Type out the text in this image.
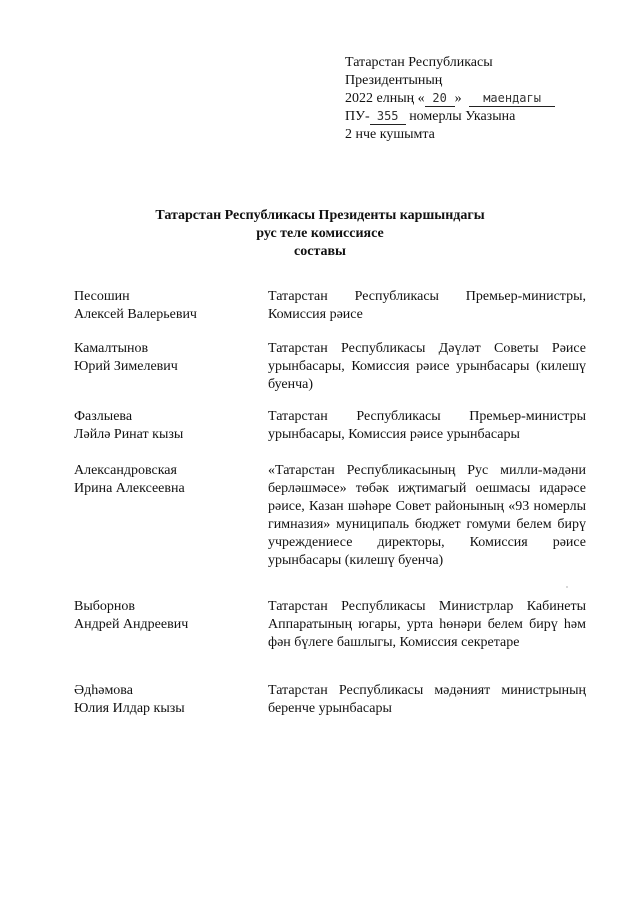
Татарстан Республикасы
Президентының
2022 елның « 20 » маендагы
ПУ- 355 номерлы Указына
2 нче кушымта
Татарстан Республикасы Президенты каршындагы
рус теле комиссиясе
составы
Песошин
Алексей Валерьевич
Татарстан Республикасы Премьер-министры, Комиссия рәисе
Камалтынов
Юрий Зимелевич
Татарстан Республикасы Дәүләт Советы Рәисе урынбасары, Комиссия рәисе урынбасары (килешү буенча)
Фазлыева
Ләйлә Ринат кызы
Татарстан Республикасы Премьер-министры урынбасары, Комиссия рәисе урынбасары
Александровская
Ирина Алексеевна
«Татарстан Республикасының Рус милли-мәдәни берләшмәсе» төбәк иҗтимагый оешмасы идарәсе рәисе, Казан шәһәре Совет районының «93 номерлы гимназия» муниципаль бюджет гомуми белем бирү учреждениесе директоры, Комиссия рәисе урынбасары (килешү буенча)
Выборнов
Андрей Андреевич
Татарстан Республикасы Министрлар Кабинеты Аппаратының югары, урта һөнәри белем бирү һәм фән бүлеге башлыгы, Комиссия секретаре
Әдһәмова
Юлия Илдар кызы
Татарстан Республикасы мәдәният министрының беренче урынбасары
